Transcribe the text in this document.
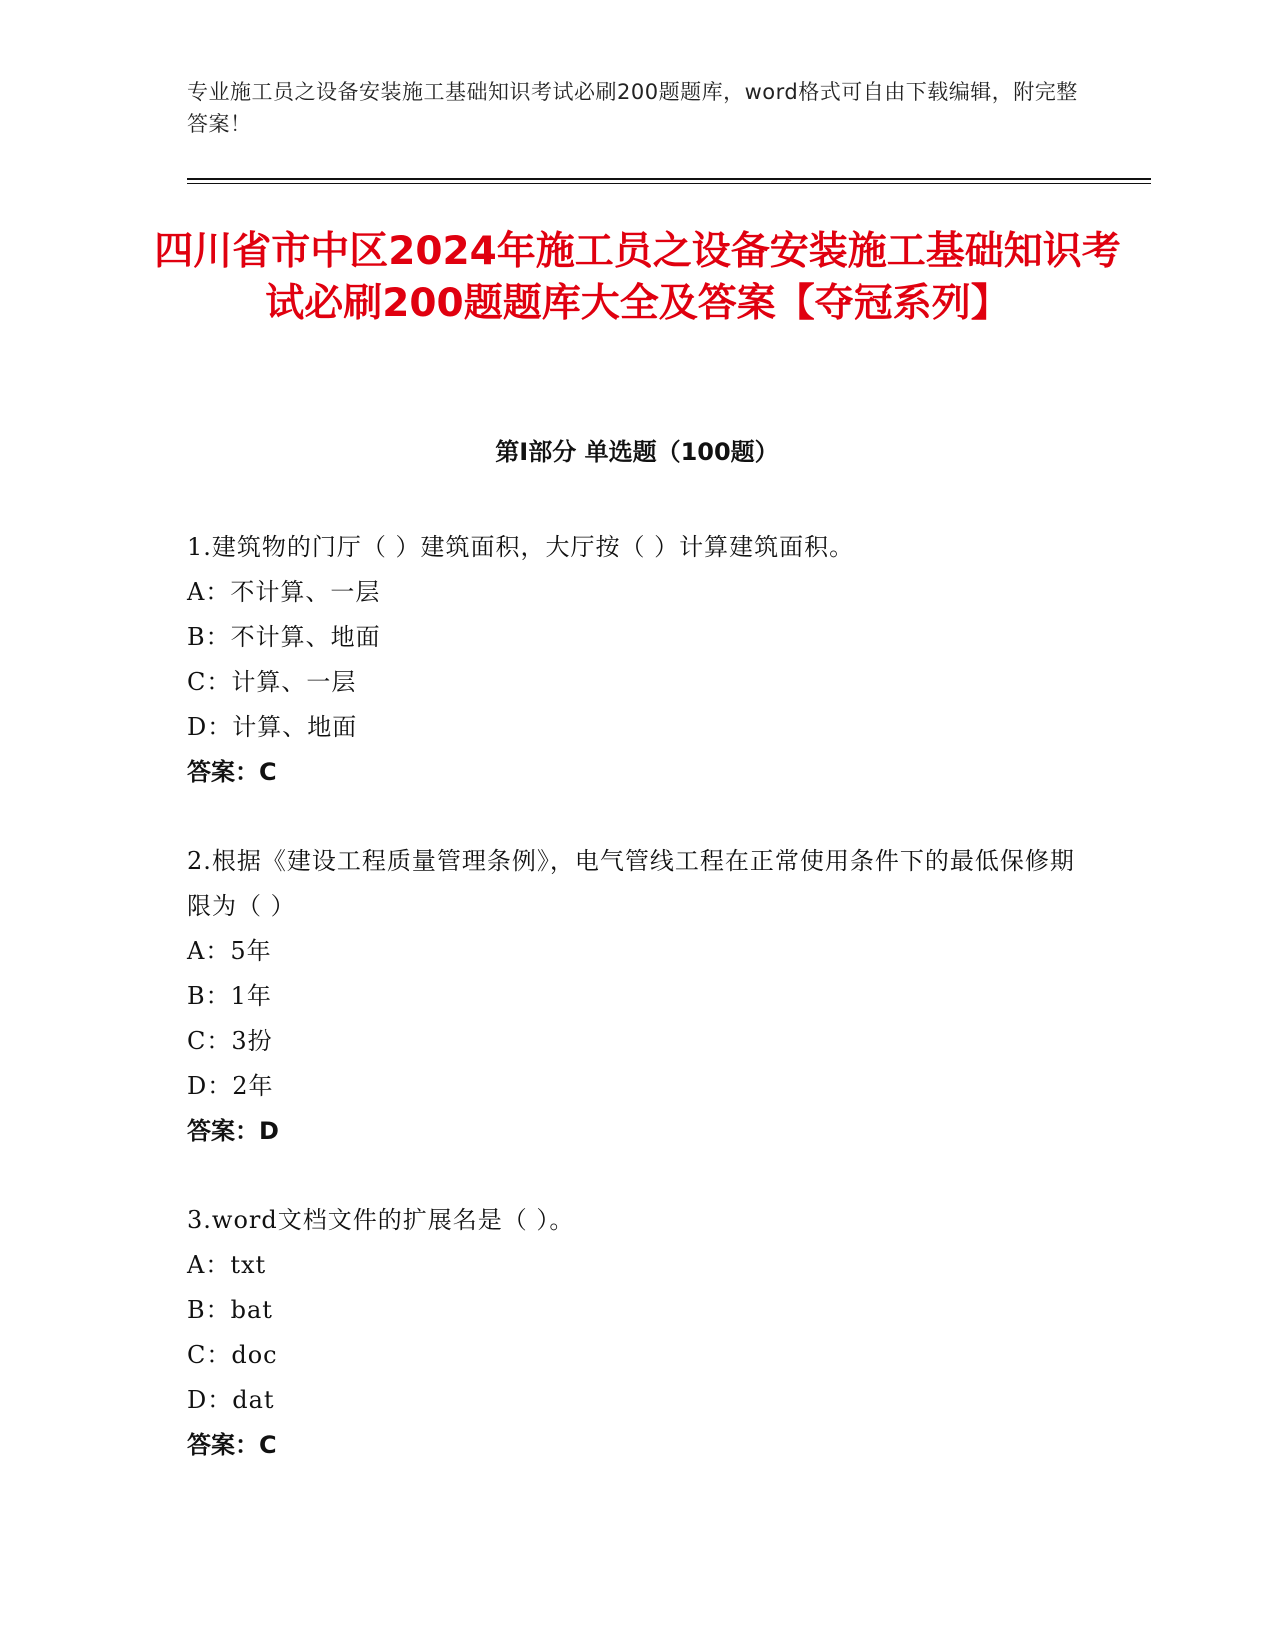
专业施工员之设备安装施工基础知识考试必刷200题题库，word格式可自由下载编辑，附完整答案！
四川省市中区2024年施工员之设备安装施工基础知识考试必刷200题题库大全及答案【夺冠系列】
第Ⅰ部分 单选题（100题）
1.建筑物的门厅（ ）建筑面积，大厅按（ ）计算建筑面积。
A：不计算、一层
B：不计算、地面
C：计算、一层
D：计算、地面
答案：C
2.根据《建设工程质量管理条例》，电气管线工程在正常使用条件下的最低保修期限为（ ）
A：5年
B：1年
C：3扮
D：2年
答案：D
3.word文档文件的扩展名是（ ）。
A：txt
B：bat
C：doc
D：dat
答案：C
